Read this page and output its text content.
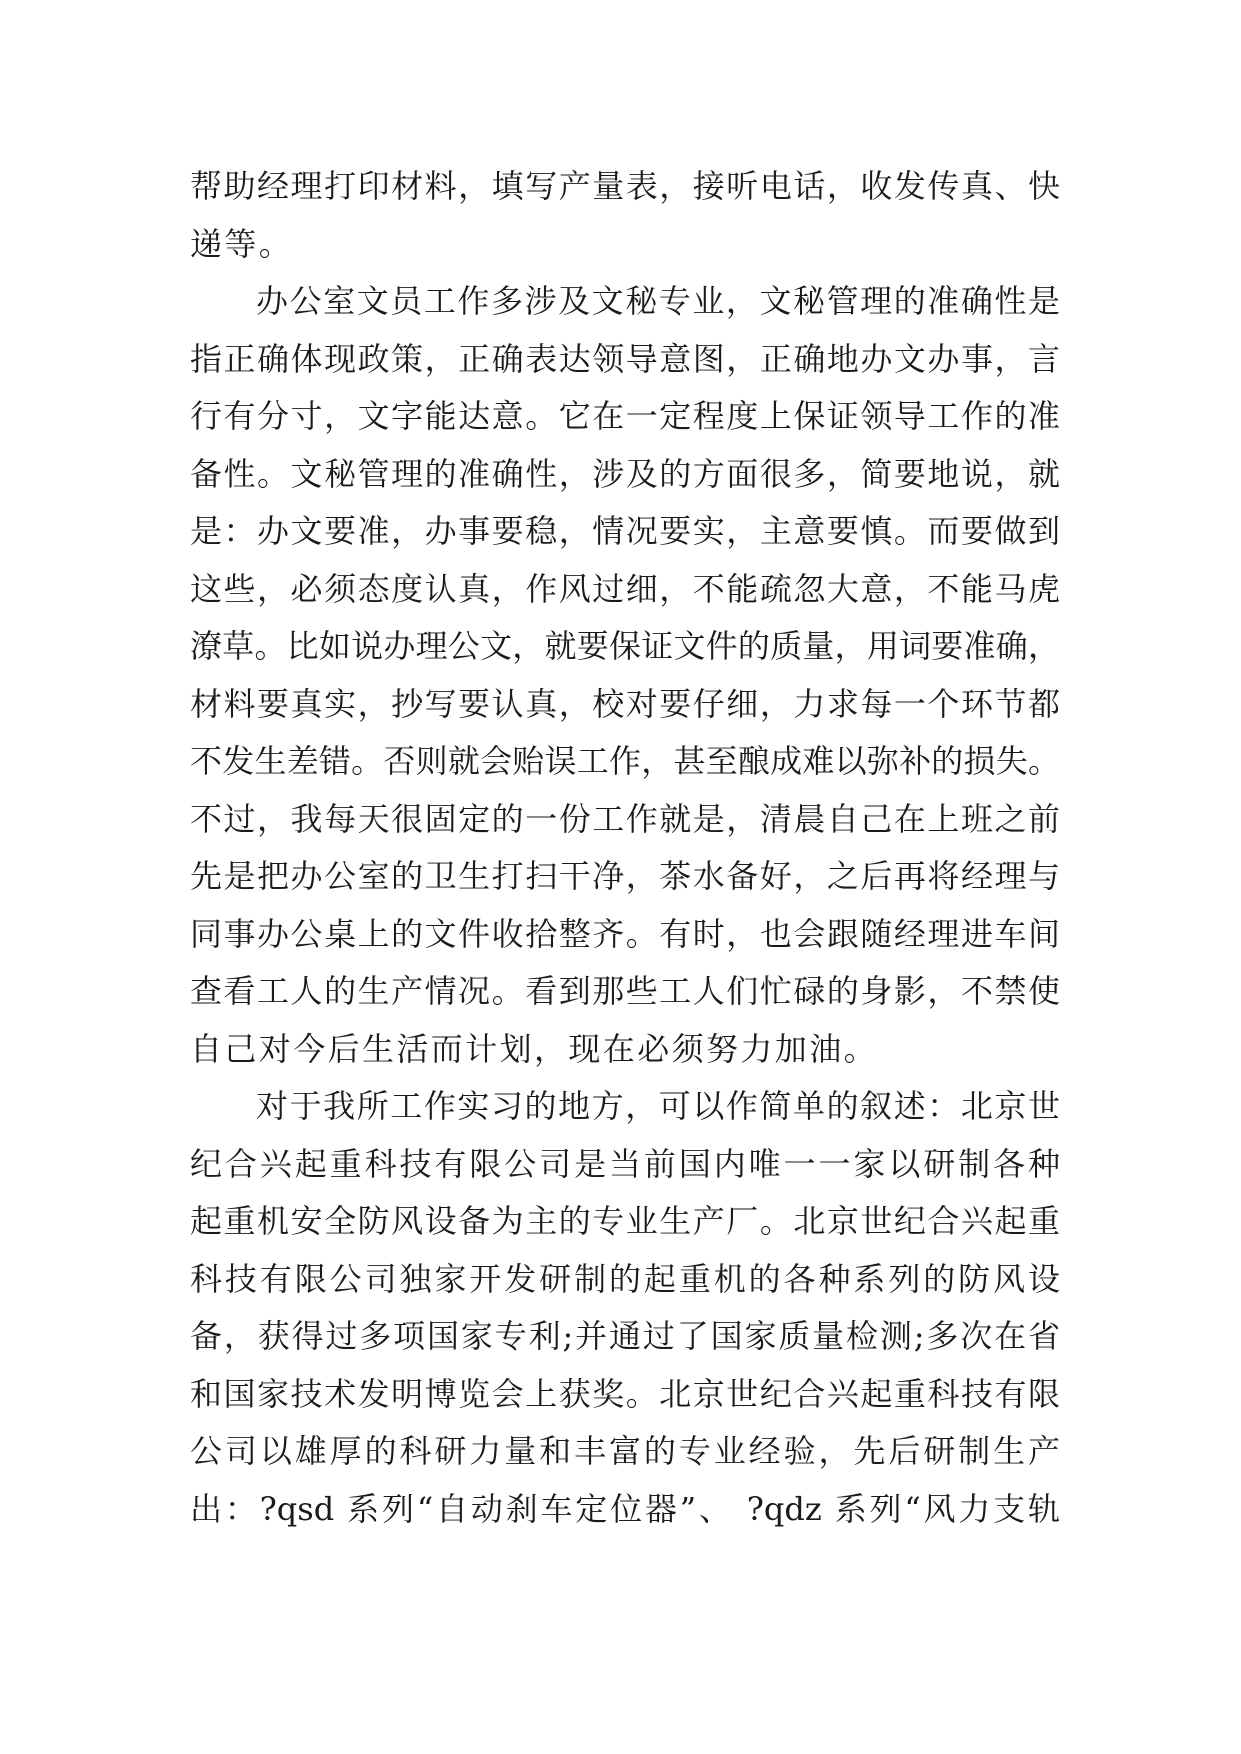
帮助经理打印材料，填写产量表，接听电话，收发传真、快
递等。
办公室文员工作多涉及文秘专业，文秘管理的准确性是
指正确体现政策，正确表达领导意图，正确地办文办事，言
行有分寸，文字能达意。它在一定程度上保证领导工作的准
备性。文秘管理的准确性，涉及的方面很多，简要地说，就
是：办文要准，办事要稳，情况要实，主意要慎。而要做到
这些，必须态度认真，作风过细，不能疏忽大意，不能马虎
潦草。比如说办理公文，就要保证文件的质量，用词要准确，
材料要真实，抄写要认真，校对要仔细，力求每一个环节都
不发生差错。否则就会贻误工作，甚至酿成难以弥补的损失。
不过，我每天很固定的一份工作就是，清晨自己在上班之前
先是把办公室的卫生打扫干净，茶水备好，之后再将经理与
同事办公桌上的文件收拾整齐。有时，也会跟随经理进车间
查看工人的生产情况。看到那些工人们忙碌的身影，不禁使
自己对今后生活而计划，现在必须努力加油。
对于我所工作实习的地方，可以作简单的叙述：北京世
纪合兴起重科技有限公司是当前国内唯一一家以研制各种
起重机安全防风设备为主的专业生产厂。北京世纪合兴起重
科技有限公司独家开发研制的起重机的各种系列的防风设
备，获得过多项国家专利;并通过了国家质量检测;多次在省
和国家技术发明博览会上获奖。北京世纪合兴起重科技有限
公司以雄厚的科研力量和丰富的专业经验，先后研制生产
出：?qsd 系列“自动刹车定位器”、 ?qdz 系列“风力支轨
